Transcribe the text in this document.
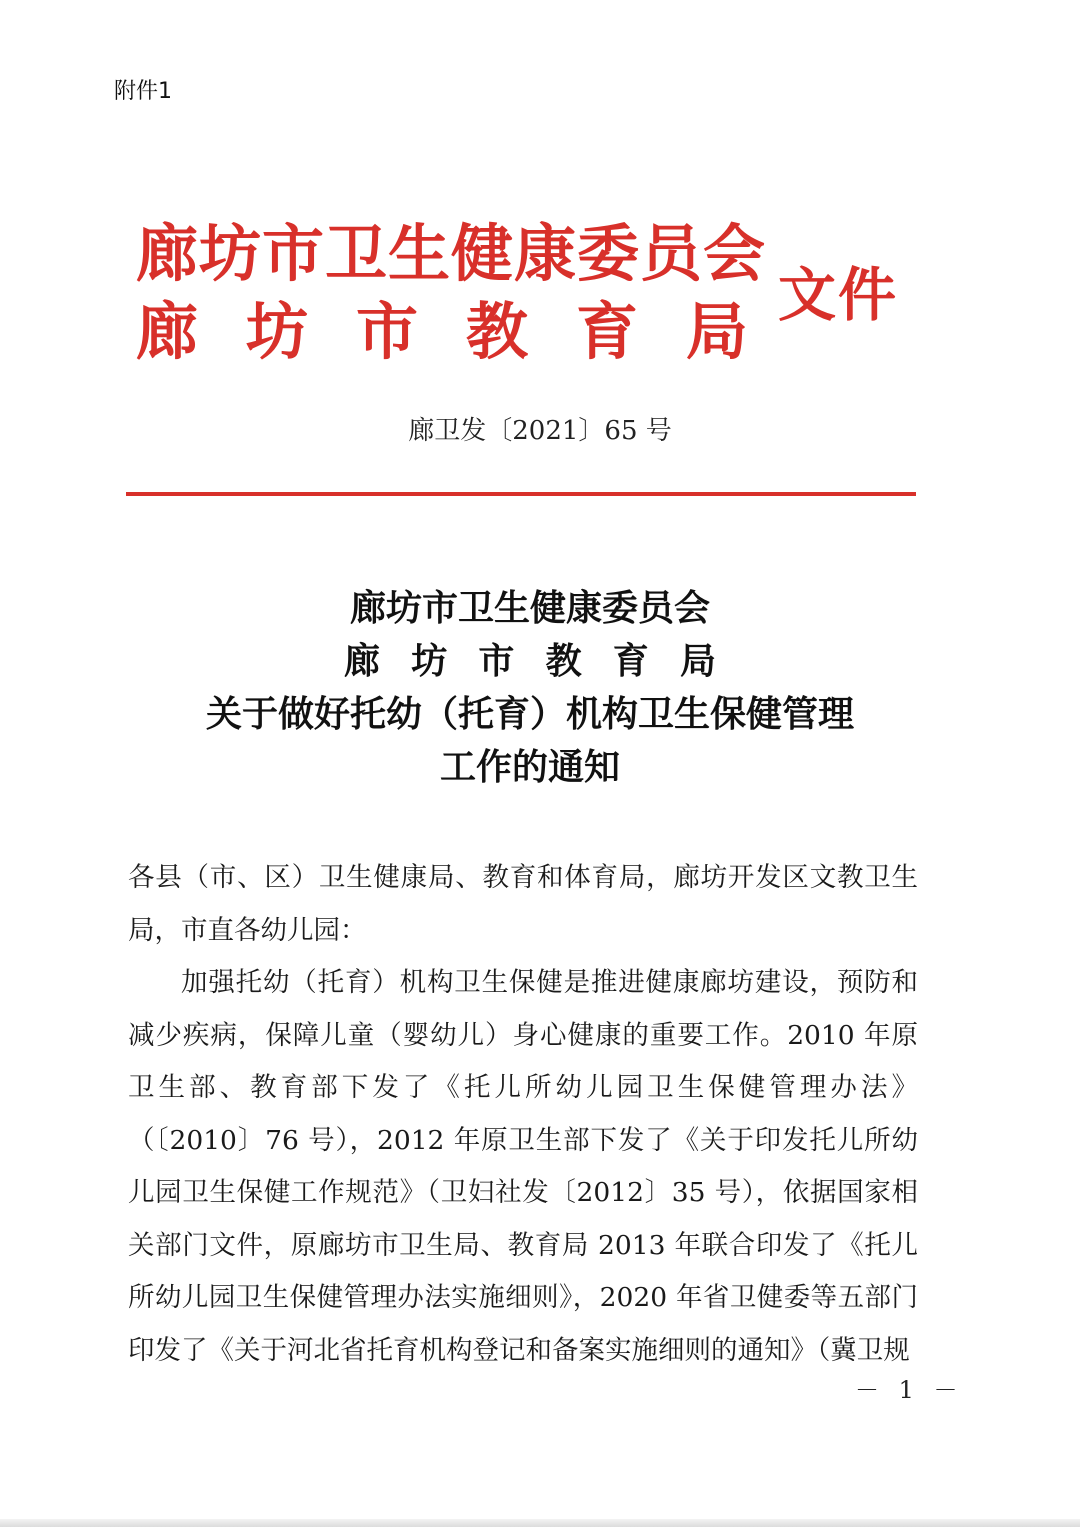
附件1
廊坊市卫生健康委员会
廊 坊 市 教 育 局 文件
廊卫发〔2021〕65 号
廊坊市卫生健康委员会
廊 坊 市 教 育 局
关于做好托幼（托育）机构卫生保健管理
工作的通知

各县（市、区）卫生健康局、教育和体育局，廊坊开发区文教卫生局，市直各幼儿园：

加强托幼（托育）机构卫生保健是推进健康廊坊建设，预防和减少疾病，保障儿童（婴幼儿）身心健康的重要工作。2010 年原卫生部、教育部下发了《托儿所幼儿园卫生保健管理办法》（〔2010〕76 号），2012 年原卫生部下发了《关于印发托儿所幼儿园卫生保健工作规范》（卫妇社发〔2012〕35 号），依据国家相关部门文件，原廊坊市卫生局、教育局 2013 年联合印发了《托儿所幼儿园卫生保健管理办法实施细则》，2020 年省卫健委等五部门印发了《关于河北省托育机构登记和备案实施细则的通知》（冀卫规

－ 1 －
